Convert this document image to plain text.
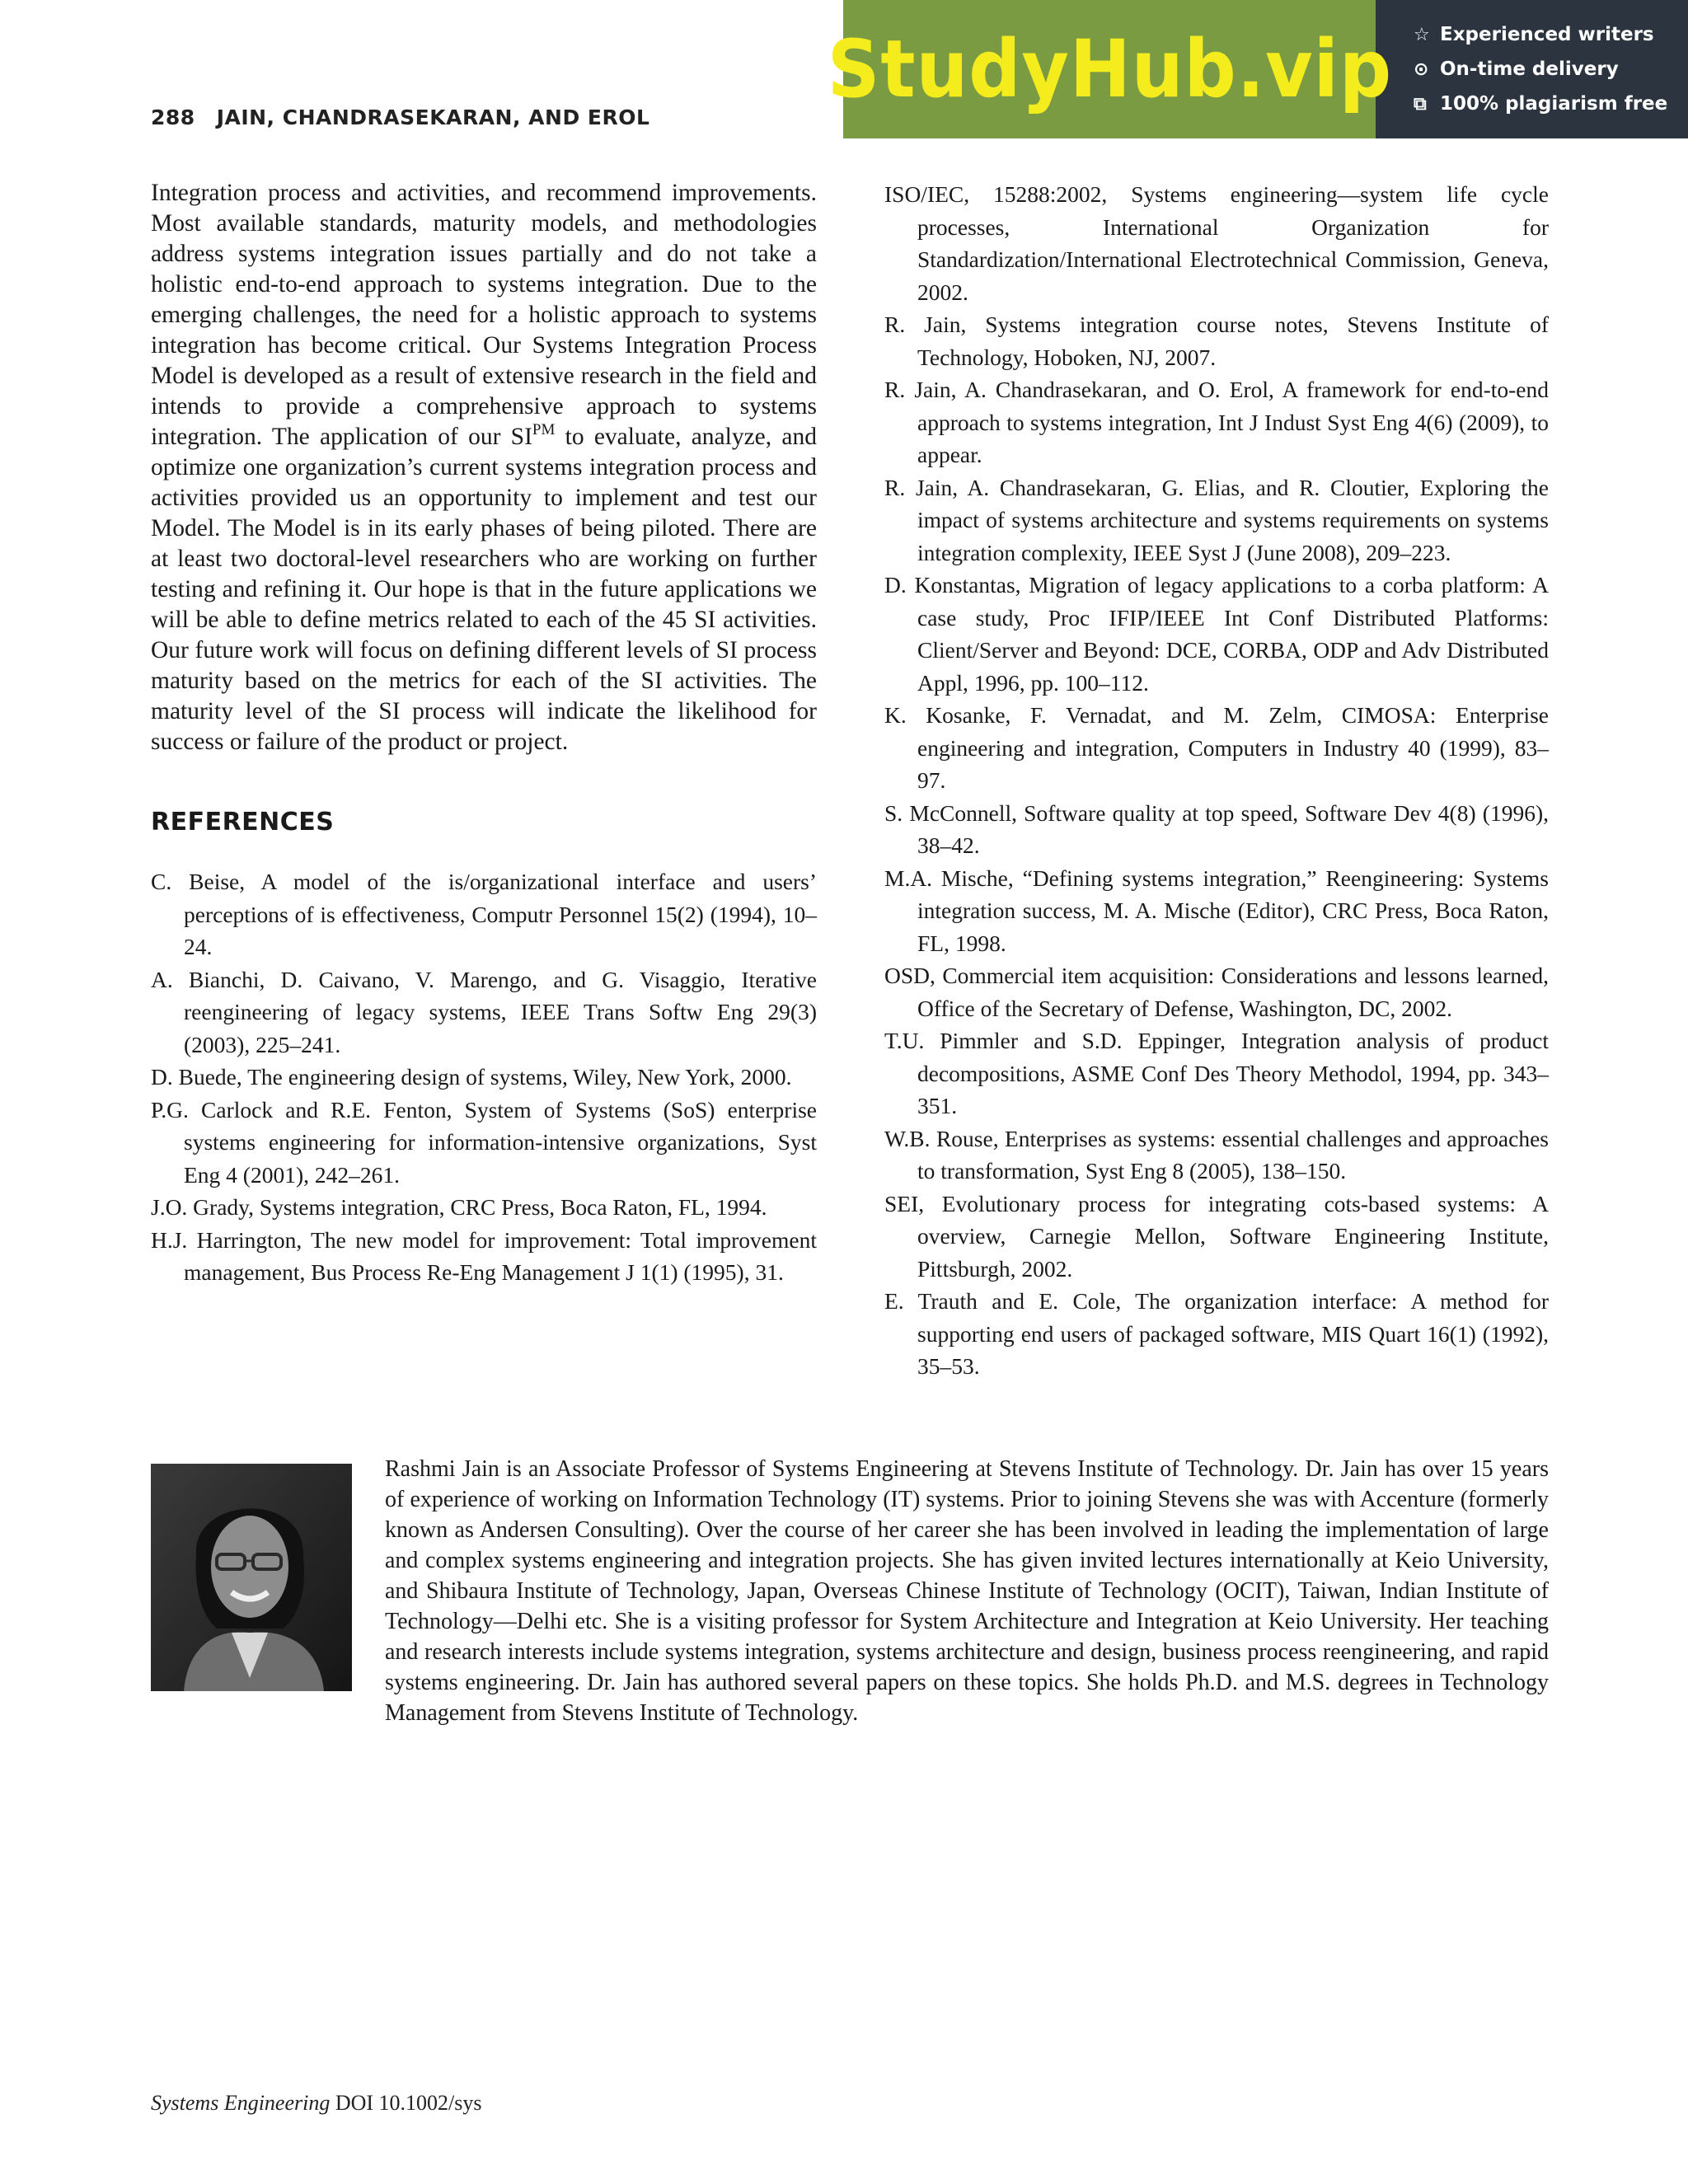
288 JAIN, CHANDRASEKARAN, AND EROL
StudyHub.vip ☆ Experienced writers
⊙ On-time delivery
⧉ 100% plagiarism free

Integration process and activities, and recommend improvements. Most available standards, maturity models, and methodologies address systems integration issues partially and do not take a holistic end-to-end approach to systems integration. Due to the emerging challenges, the need for a holistic approach to systems integration has become critical. Our Systems Integration Process Model is developed as a result of extensive research in the field and intends to provide a comprehensive approach to systems integration. The application of our $SI^{PM}$ to evaluate, analyze, and optimize one organization’s current systems integration process and activities provided us an opportunity to implement and test our Model. The Model is in its early phases of being piloted. There are at least two doctoral-level researchers who are working on further testing and refining it. Our hope is that in the future applications we will be able to define metrics related to each of the 45 SI activities. Our future work will focus on defining different levels of SI process maturity based on the metrics for each of the SI activities. The maturity level of the SI process will indicate the likelihood for success or failure of the product or project.

REFERENCES

C. Beise, A model of the is/organizational interface and users’ perceptions of is effectiveness, Computr Personnel 15(2) (1994), 10–24.

A. Bianchi, D. Caivano, V. Marengo, and G. Visaggio, Iterative reengineering of legacy systems, IEEE Trans Softw Eng 29(3) (2003), 225–241.

D. Buede, The engineering design of systems, Wiley, New York, 2000.

P.G. Carlock and R.E. Fenton, System of Systems (SoS) enterprise systems engineering for information-intensive organizations, Syst Eng 4 (2001), 242–261.

J.O. Grady, Systems integration, CRC Press, Boca Raton, FL, 1994.

H.J. Harrington, The new model for improvement: Total improvement management, Bus Process Re-Eng Management J 1(1) (1995), 31.

ISO/IEC, 15288:2002, Systems engineering—system life cycle processes, International Organization for Standardization/International Electrotechnical Commission, Geneva, 2002.

R. Jain, Systems integration course notes, Stevens Institute of Technology, Hoboken, NJ, 2007.

R. Jain, A. Chandrasekaran, and O. Erol, A framework for end-to-end approach to systems integration, Int J Indust Syst Eng 4(6) (2009), to appear.

R. Jain, A. Chandrasekaran, G. Elias, and R. Cloutier, Exploring the impact of systems architecture and systems requirements on systems integration complexity, IEEE Syst J (June 2008), 209–223.

D. Konstantas, Migration of legacy applications to a corba platform: A case study, Proc IFIP/IEEE Int Conf Distributed Platforms: Client/Server and Beyond: DCE, CORBA, ODP and Adv Distributed Appl, 1996, pp. 100–112.

K. Kosanke, F. Vernadat, and M. Zelm, CIMOSA: Enterprise engineering and integration, Computers in Industry 40 (1999), 83–97.

S. McConnell, Software quality at top speed, Software Dev 4(8) (1996), 38–42.

M.A. Mische, “Defining systems integration,” Reengineering: Systems integration success, M. A. Mische (Editor), CRC Press, Boca Raton, FL, 1998.

OSD, Commercial item acquisition: Considerations and lessons learned, Office of the Secretary of Defense, Washington, DC, 2002.

T.U. Pimmler and S.D. Eppinger, Integration analysis of product decompositions, ASME Conf Des Theory Methodol, 1994, pp. 343–351.

W.B. Rouse, Enterprises as systems: essential challenges and approaches to transformation, Syst Eng 8 (2005), 138–150.

SEI, Evolutionary process for integrating cots-based systems: A overview, Carnegie Mellon, Software Engineering Institute, Pittsburgh, 2002.

E. Trauth and E. Cole, The organization interface: A method for supporting end users of packaged software, MIS Quart 16(1) (1992), 35–53.

Rashmi Jain is an Associate Professor of Systems Engineering at Stevens Institute of Technology. Dr. Jain has over 15 years of experience of working on Information Technology (IT) systems. Prior to joining Stevens she was with Accenture (formerly known as Andersen Consulting). Over the course of her career she has been involved in leading the implementation of large and complex systems engineering and integration projects. She has given invited lectures internationally at Keio University, and Shibaura Institute of Technology, Japan, Overseas Chinese Institute of Technology (OCIT), Taiwan, Indian Institute of Technology—Delhi etc. She is a visiting professor for System Architecture and Integration at Keio University. Her teaching and research interests include systems integration, systems architecture and design, business process reengineering, and rapid systems engineering. Dr. Jain has authored several papers on these topics. She holds Ph.D. and M.S. degrees in Technology Management from Stevens Institute of Technology.

Systems Engineering DOI 10.1002/sys
